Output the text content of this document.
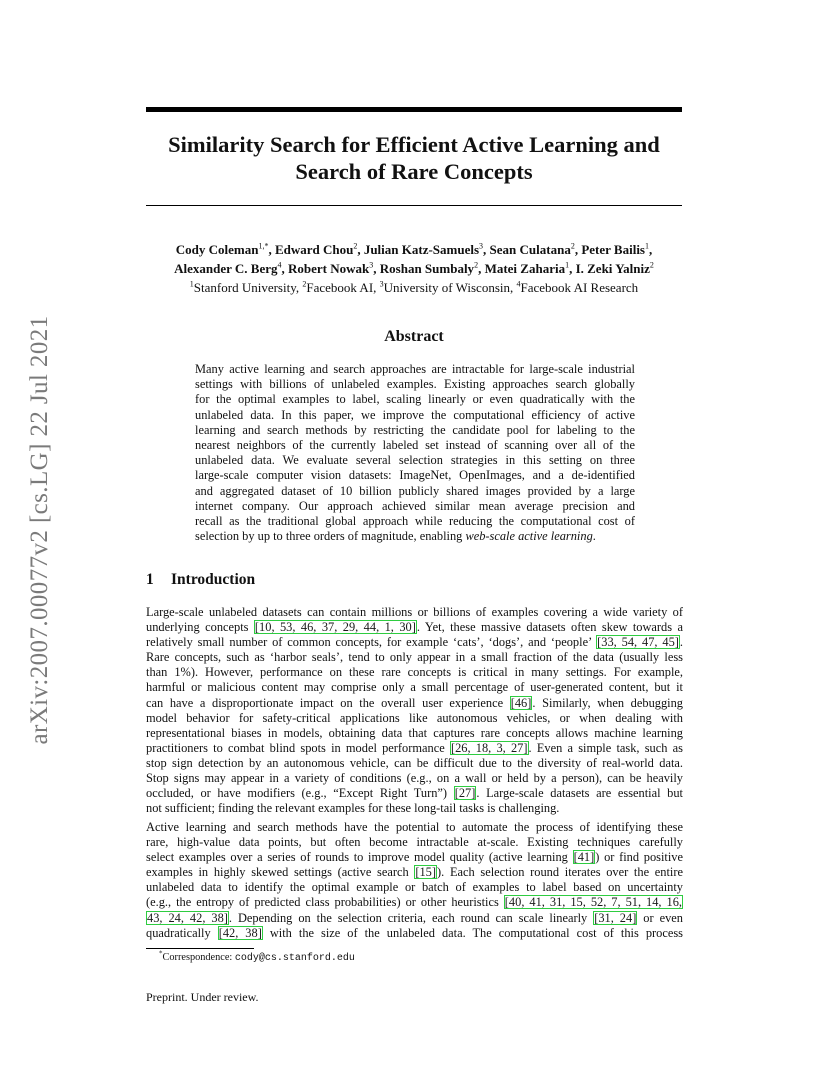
arXiv:2007.00077v2 [cs.LG] 22 Jul 2021
Similarity Search for Efficient Active Learning and
Search of Rare Concepts
Cody Coleman$^{1,*}$, Edward Chou$^2$, Julian Katz-Samuels$^3$, Sean Culatana$^2$, Peter Bailis$^1$,
Alexander C. Berg$^4$, Robert Nowak$^3$, Roshan Sumbaly$^2$, Matei Zaharia$^1$, I. Zeki Yalniz$^2$
$^1$Stanford University, $^2$Facebook AI, $^3$University of Wisconsin, $^4$Facebook AI Research
Abstract
Many active learning and search approaches are intractable for large-scale industrial
settings with billions of unlabeled examples. Existing approaches search globally
for the optimal examples to label, scaling linearly or even quadratically with the
unlabeled data. In this paper, we improve the computational efficiency of active
learning and search methods by restricting the candidate pool for labeling to the
nearest neighbors of the currently labeled set instead of scanning over all of the
unlabeled data. We evaluate several selection strategies in this setting on three
large-scale computer vision datasets: ImageNet, OpenImages, and a de-identified
and aggregated dataset of 10 billion publicly shared images provided by a large
internet company. Our approach achieved similar mean average precision and
recall as the traditional global approach while reducing the computational cost of
selection by up to three orders of magnitude, enabling web-scale active learning.
1 Introduction
Large-scale unlabeled datasets can contain millions or billions of examples covering a wide variety of
underlying concepts [10, 53, 46, 37, 29, 44, 1, 30]. Yet, these massive datasets often skew towards a
relatively small number of common concepts, for example ‘cats’, ‘dogs’, and ‘people’ [33, 54, 47, 45].
Rare concepts, such as ‘harbor seals’, tend to only appear in a small fraction of the data (usually less
than 1%). However, performance on these rare concepts is critical in many settings. For example,
harmful or malicious content may comprise only a small percentage of user-generated content, but it
can have a disproportionate impact on the overall user experience [46]. Similarly, when debugging
model behavior for safety-critical applications like autonomous vehicles, or when dealing with
representational biases in models, obtaining data that captures rare concepts allows machine learning
practitioners to combat blind spots in model performance [26, 18, 3, 27]. Even a simple task, such as
stop sign detection by an autonomous vehicle, can be difficult due to the diversity of real-world data.
Stop signs may appear in a variety of conditions (e.g., on a wall or held by a person), can be heavily
occluded, or have modifiers (e.g., “Except Right Turn”) [27]. Large-scale datasets are essential but
not sufficient; finding the relevant examples for these long-tail tasks is challenging.
Active learning and search methods have the potential to automate the process of identifying these
rare, high-value data points, but often become intractable at-scale. Existing techniques carefully
select examples over a series of rounds to improve model quality (active learning [41]) or find positive
examples in highly skewed settings (active search [15]). Each selection round iterates over the entire
unlabeled data to identify the optimal example or batch of examples to label based on uncertainty
(e.g., the entropy of predicted class probabilities) or other heuristics [40, 41, 31, 15, 52, 7, 51, 14, 16,
43, 24, 42, 38]. Depending on the selection criteria, each round can scale linearly [31, 24] or even
quadratically [42, 38] with the size of the unlabeled data. The computational cost of this process
*Correspondence: cody@cs.stanford.edu
Preprint. Under review.
